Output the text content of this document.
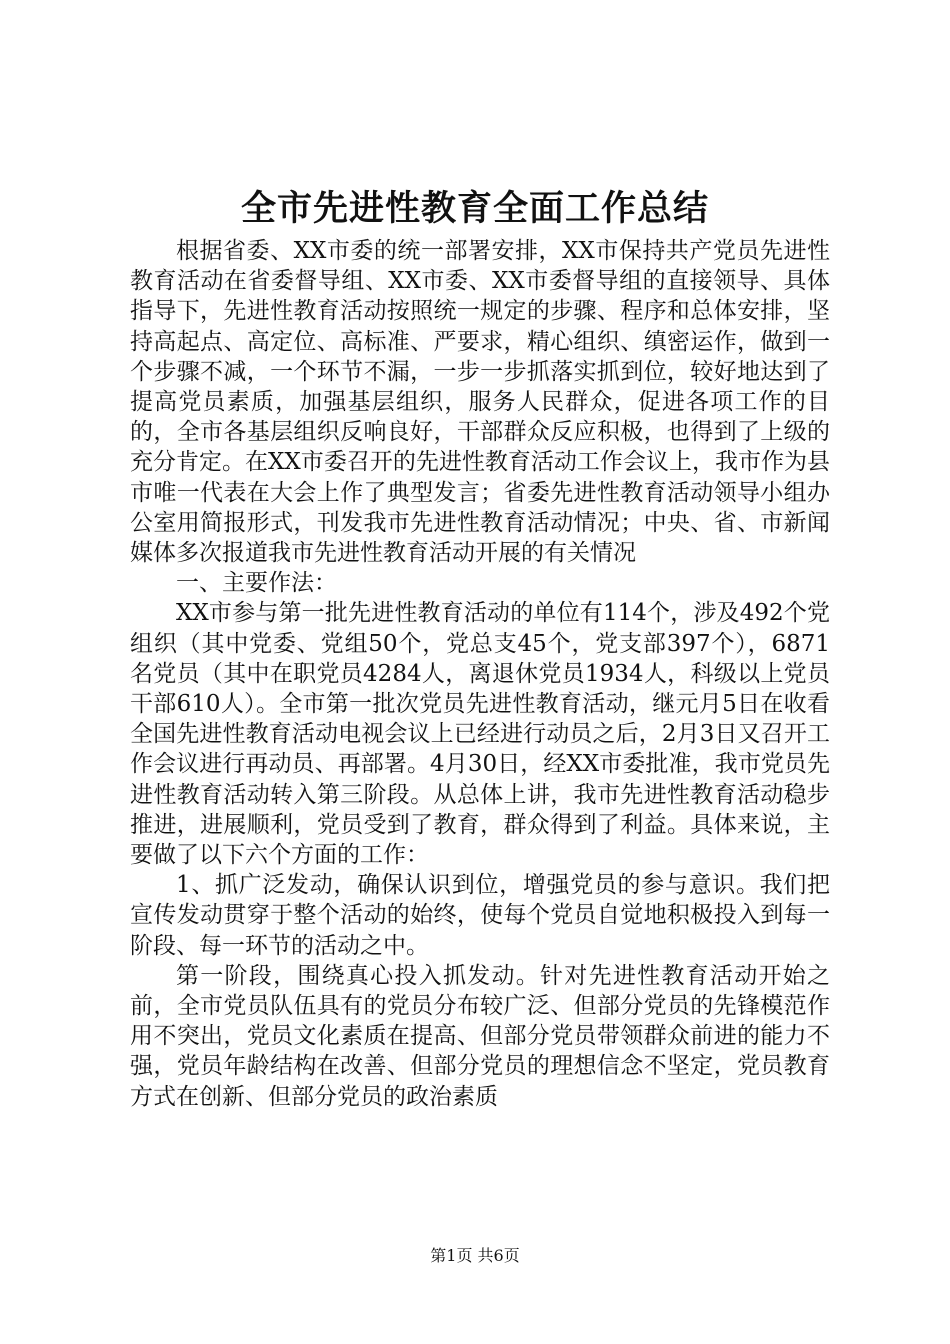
全市先进性教育全面工作总结

根据省委、XX市委的统一部署安排，XX市保持共产党员先进性教育活动在省委督导组、XX市委、XX市委督导组的直接领导、具体指导下，先进性教育活动按照统一规定的步骤、程序和总体安排，坚持高起点、高定位、高标准、严要求，精心组织、缜密运作，做到一个步骤不减，一个环节不漏，一步一步抓落实抓到位，较好地达到了提高党员素质，加强基层组织，服务人民群众，促进各项工作的目的，全市各基层组织反响良好，干部群众反应积极，也得到了上级的充分肯定。在XX市委召开的先进性教育活动工作会议上，我市作为县市唯一代表在大会上作了典型发言；省委先进性教育活动领导小组办公室用简报形式，刊发我市先进性教育活动情况；中央、省、市新闻媒体多次报道我市先进性教育活动开展的有关情况

一、主要作法：

XX市参与第一批先进性教育活动的单位有114个，涉及492个党组织（其中党委、党组50个，党总支45个，党支部397个），6871名党员（其中在职党员4284人，离退休党员1934人，科级以上党员干部610人）。全市第一批次党员先进性教育活动，继元月5日在收看全国先进性教育活动电视会议上已经进行动员之后，2月3日又召开工作会议进行再动员、再部署。4月30日，经XX市委批准，我市党员先进性教育活动转入第三阶段。从总体上讲，我市先进性教育活动稳步推进，进展顺利，党员受到了教育，群众得到了利益。具体来说，主要做了以下六个方面的工作：

1、抓广泛发动，确保认识到位，增强党员的参与意识。我们把宣传发动贯穿于整个活动的始终，使每个党员自觉地积极投入到每一阶段、每一环节的活动之中。

第一阶段，围绕真心投入抓发动。针对先进性教育活动开始之前，全市党员队伍具有的党员分布较广泛、但部分党员的先锋模范作用不突出，党员文化素质在提高、但部分党员带领群众前进的能力不强，党员年龄结构在改善、但部分党员的理想信念不坚定，党员教育方式在创新、但部分党员的政治素质

第1页 共6页
